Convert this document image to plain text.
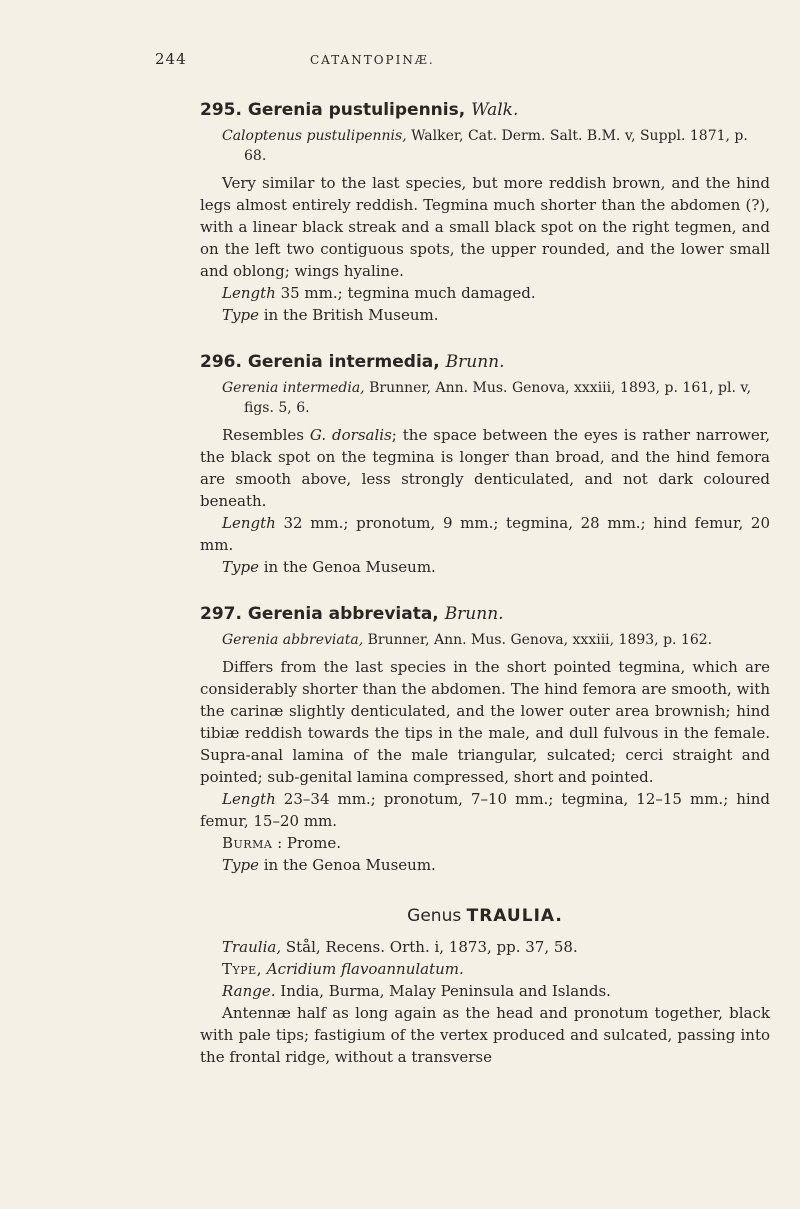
244	CATANTOPINÆ.
295. Gerenia pustulipennis, Walk.
Caloptenus pustulipennis, Walker, Cat. Derm. Salt. B.M. v, Suppl. 1871, p. 68.

Very similar to the last species, but more reddish brown, and the hind legs almost entirely reddish. Tegmina much shorter than the abdomen (?), with a linear black streak and a small black spot on the right tegmen, and on the left two contiguous spots, the upper rounded, and the lower small and oblong; wings hyaline.

Length 35 mm.; tegmina much damaged.

Type in the British Museum.

296. Gerenia intermedia, Brunn.
Gerenia intermedia, Brunner, Ann. Mus. Genova, xxxiii, 1893, p. 161, pl. v, figs. 5, 6.

Resembles G. dorsalis; the space between the eyes is rather narrower, the black spot on the tegmina is longer than broad, and the hind femora are smooth above, less strongly denticulated, and not dark coloured beneath.

Length 32 mm.; pronotum, 9 mm.; tegmina, 28 mm.; hind femur, 20 mm.

Type in the Genoa Museum.

297. Gerenia abbreviata, Brunn.
Gerenia abbreviata, Brunner, Ann. Mus. Genova, xxxiii, 1893, p. 162.

Differs from the last species in the short pointed tegmina, which are considerably shorter than the abdomen. The hind femora are smooth, with the carinæ slightly denticulated, and the lower outer area brownish; hind tibiæ reddish towards the tips in the male, and dull fulvous in the female. Supra-anal lamina of the male triangular, sulcated; cerci straight and pointed; sub-genital lamina compressed, short and pointed.

Length 23–34 mm.; pronotum, 7–10 mm.; tegmina, 12–15 mm.; hind femur, 15–20 mm.

Burma : Prome.

Type in the Genoa Museum.

Genus TRAULIA.

Traulia, Stål, Recens. Orth. i, 1873, pp. 37, 58.

Type, Acridium flavoannulatum.

Range. India, Burma, Malay Peninsula and Islands.

Antennæ half as long again as the head and pronotum together, black with pale tips; fastigium of the vertex produced and sulcated, passing into the frontal ridge, without a transverse
